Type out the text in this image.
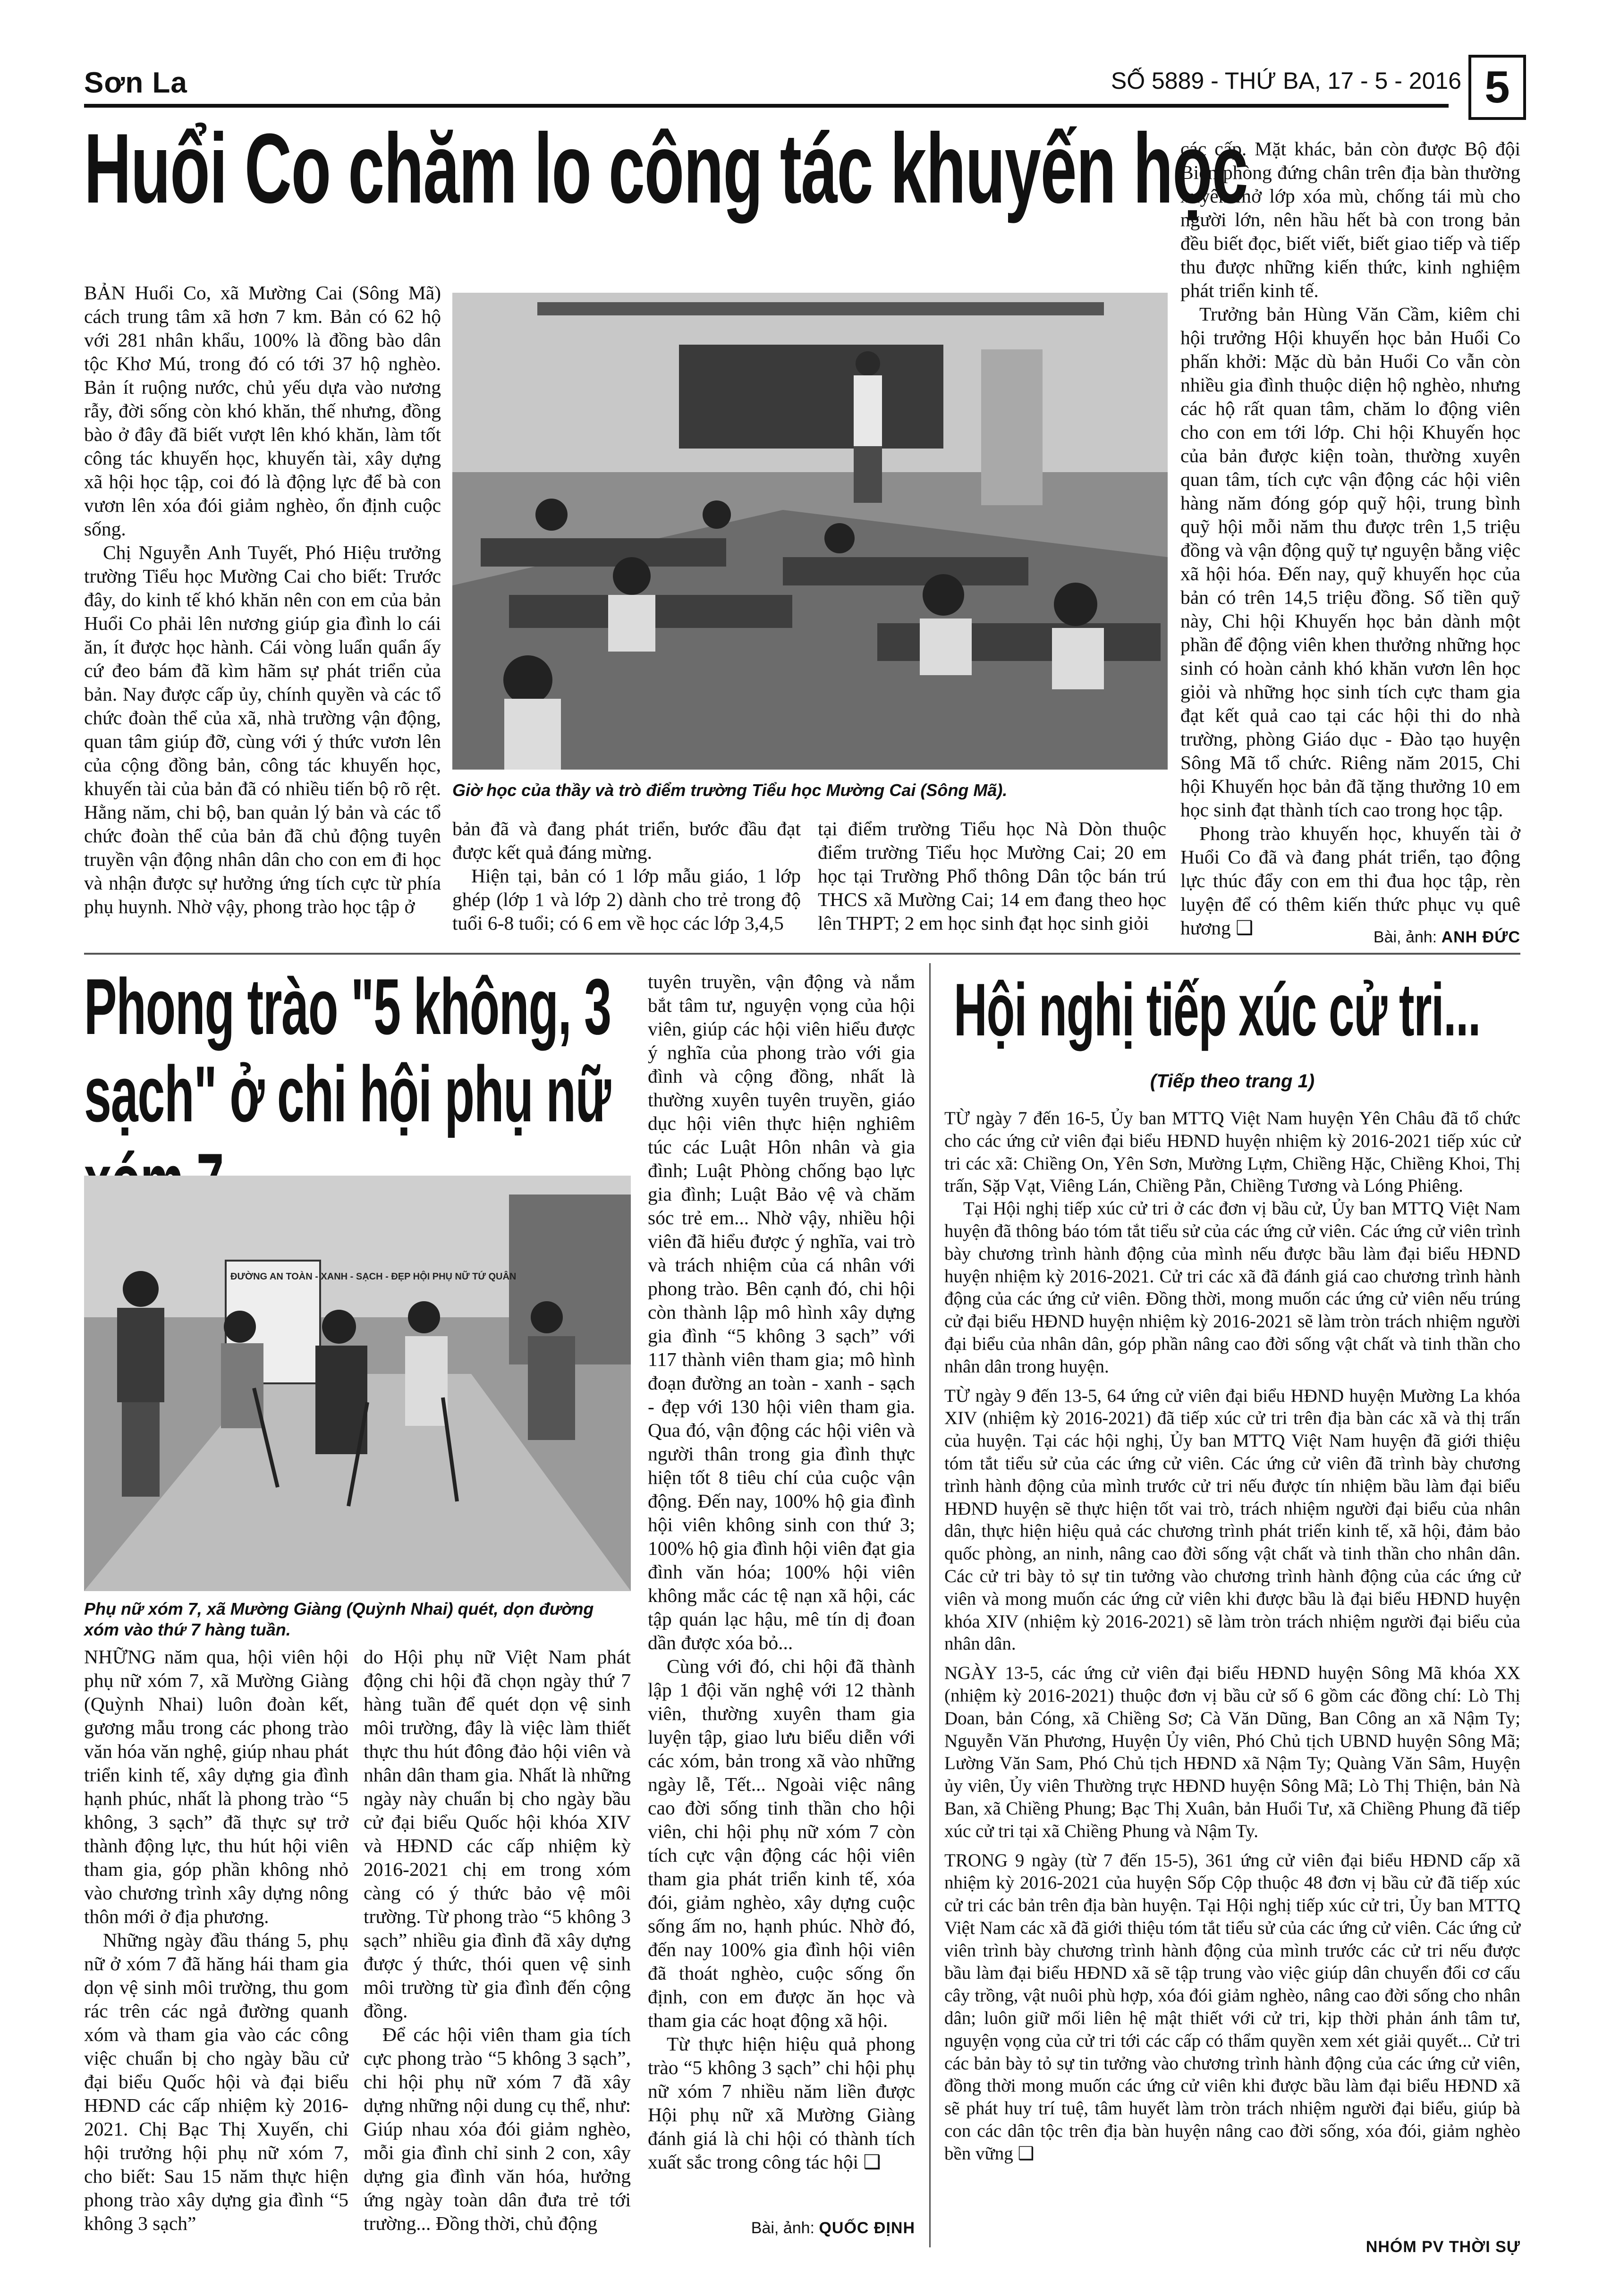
Sơn La	SỐ 5889 - THỨ BA, 17 - 5 - 2016 5
Huổi Co chăm lo công tác khuyến học
Giờ học của thầy và trò điểm trường Tiểu học Mường Cai (Sông Mã).

BẢN Huổi Co, xã Mường Cai (Sông Mã) cách trung tâm xã hơn 7 km. Bản có 62 hộ với 281 nhân khẩu, 100% là đồng bào dân tộc Khơ Mú, trong đó có tới 37 hộ nghèo. Bản ít ruộng nước, chủ yếu dựa vào nương rẫy, đời sống còn khó khăn, thế nhưng, đồng bào ở đây đã biết vượt lên khó khăn, làm tốt công tác khuyến học, khuyến tài, xây dựng xã hội học tập, coi đó là động lực để bà con vươn lên xóa đói giảm nghèo, ổn định cuộc sống.

Chị Nguyễn Anh Tuyết, Phó Hiệu trưởng trường Tiểu học Mường Cai cho biết: Trước đây, do kinh tế khó khăn nên con em của bản Huổi Co phải lên nương giúp gia đình lo cái ăn, ít được học hành. Cái vòng luẩn quẩn ấy cứ đeo bám đã kìm hãm sự phát triển của bản. Nay được cấp ủy, chính quyền và các tổ chức đoàn thể của xã, nhà trường vận động, quan tâm giúp đỡ, cùng với ý thức vươn lên của cộng đồng bản, công tác khuyến học, khuyến tài của bản đã có nhiều tiến bộ rõ rệt. Hằng năm, chi bộ, ban quản lý bản và các tổ chức đoàn thể của bản đã chủ động tuyên truyền vận động nhân dân cho con em đi học và nhận được sự hưởng ứng tích cực từ phía phụ huynh. Nhờ vậy, phong trào học tập ở

bản đã và đang phát triển, bước đầu đạt được kết quả đáng mừng.

Hiện tại, bản có 1 lớp mẫu giáo, 1 lớp ghép (lớp 1 và lớp 2) dành cho trẻ trong độ tuổi 6-8 tuổi; có 6 em về học các lớp 3,4,5

tại điểm trường Tiểu học Nà Dòn thuộc điểm trường Tiểu học Mường Cai; 20 em học tại Trường Phổ thông Dân tộc bán trú THCS xã Mường Cai; 14 em đang theo học lên THPT; 2 em học sinh đạt học sinh giỏi

các cấp. Mặt khác, bản còn được Bộ đội Biên phòng đứng chân trên địa bàn thường xuyên mở lớp xóa mù, chống tái mù cho người lớn, nên hầu hết bà con trong bản đều biết đọc, biết viết, biết giao tiếp và tiếp thu được những kiến thức, kinh nghiệm phát triển kinh tế.

Trưởng bản Hùng Văn Cầm, kiêm chi hội trưởng Hội khuyến học bản Huổi Co phấn khởi: Mặc dù bản Huổi Co vẫn còn nhiều gia đình thuộc diện hộ nghèo, nhưng các hộ rất quan tâm, chăm lo động viên cho con em tới lớp. Chi hội Khuyến học của bản được kiện toàn, thường xuyên quan tâm, tích cực vận động các hội viên hàng năm đóng góp quỹ hội, trung bình quỹ hội mỗi năm thu được trên 1,5 triệu đồng và vận động quỹ tự nguyện bằng việc xã hội hóa. Đến nay, quỹ khuyến học của bản có trên 14,5 triệu đồng. Số tiền quỹ này, Chi hội Khuyến học bản dành một phần để động viên khen thưởng những học sinh có hoàn cảnh khó khăn vươn lên học giỏi và những học sinh tích cực tham gia đạt kết quả cao tại các hội thi do nhà trường, phòng Giáo dục - Đào tạo huyện Sông Mã tổ chức. Riêng năm 2015, Chi hội Khuyến học bản đã tặng thưởng 10 em học sinh đạt thành tích cao trong học tập.

Phong trào khuyến học, khuyến tài ở Huổi Co đã và đang phát triển, tạo động lực thúc đẩy con em thi đua học tập, rèn luyện để có thêm kiến thức phục vụ quê hương ❑	Bài, ảnh: ANH ĐỨC
Phong trào "5 không, 3 sạch" ở chi hội phụ nữ
ĐƯỜNG AN TOÀN - XANH - SẠCH - ĐẸP HỘI PHỤ NỮ TỨ QUÂN
Phụ nữ xóm 7, xã Mường Giàng (Quỳnh Nhai) quét, dọn đường xóm vào thứ 7 hàng tuần.

NHỮNG năm qua, hội viên hội phụ nữ xóm 7, xã Mường Giàng (Quỳnh Nhai) luôn đoàn kết, gương mẫu trong các phong trào văn hóa văn nghệ, giúp nhau phát triển kinh tế, xây dựng gia đình hạnh phúc, nhất là phong trào “5 không, 3 sạch” đã thực sự trở thành động lực, thu hút hội viên tham gia, góp phần không nhỏ vào chương trình xây dựng nông thôn mới ở địa phương.

Những ngày đầu tháng 5, phụ nữ ở xóm 7 đã hăng hái tham gia dọn vệ sinh môi trường, thu gom rác trên các ngả đường quanh xóm và tham gia vào các công việc chuẩn bị cho ngày bầu cử đại biểu Quốc hội và đại biểu HĐND các cấp nhiệm kỳ 2016-2021. Chị Bạc Thị Xuyến, chi hội trưởng hội phụ nữ xóm 7, cho biết: Sau 15 năm thực hiện phong trào xây dựng gia đình “5 không 3 sạch”

do Hội phụ nữ Việt Nam phát động chi hội đã chọn ngày thứ 7 hàng tuần để quét dọn vệ sinh môi trường, đây là việc làm thiết thực thu hút đông đảo hội viên và nhân dân tham gia. Nhất là những ngày này chuẩn bị cho ngày bầu cử đại biểu Quốc hội khóa XIV và HĐND các cấp nhiệm kỳ 2016-2021 chị em trong xóm càng có ý thức bảo vệ môi trường. Từ phong trào “5 không 3 sạch” nhiều gia đình đã xây dựng được ý thức, thói quen vệ sinh môi trường từ gia đình đến cộng đồng.

Để các hội viên tham gia tích cực phong trào “5 không 3 sạch”, chi hội phụ nữ xóm 7 đã xây dựng những nội dung cụ thể, như: Giúp nhau xóa đói giảm nghèo, mỗi gia đình chỉ sinh 2 con, xây dựng gia đình văn hóa, hưởng ứng ngày toàn dân đưa trẻ tới trường... Đồng thời, chủ động

tuyên truyền, vận động và nắm bắt tâm tư, nguyện vọng của hội viên, giúp các hội viên hiểu được ý nghĩa của phong trào với gia đình và cộng đồng, nhất là thường xuyên tuyên truyền, giáo dục hội viên thực hiện nghiêm túc các Luật Hôn nhân và gia đình; Luật Phòng chống bạo lực gia đình; Luật Bảo vệ và chăm sóc trẻ em... Nhờ vậy, nhiều hội viên đã hiểu được ý nghĩa, vai trò và trách nhiệm của cá nhân với phong trào. Bên cạnh đó, chi hội còn thành lập mô hình xây dựng gia đình “5 không 3 sạch” với 117 thành viên tham gia; mô hình đoạn đường an toàn - xanh - sạch - đẹp với 130 hội viên tham gia. Qua đó, vận động các hội viên và người thân trong gia đình thực hiện tốt 8 tiêu chí của cuộc vận động. Đến nay, 100% hộ gia đình hội viên không sinh con thứ 3; 100% hộ gia đình hội viên đạt gia đình văn hóa; 100% hội viên không mắc các tệ nạn xã hội, các tập quán lạc hậu, mê tín dị đoan dần được xóa bỏ...

Cùng với đó, chi hội đã thành lập 1 đội văn nghệ với 12 thành viên, thường xuyên tham gia luyện tập, giao lưu biểu diễn với các xóm, bản trong xã vào những ngày lễ, Tết... Ngoài việc nâng cao đời sống tinh thần cho hội viên, chi hội phụ nữ xóm 7 còn tích cực vận động các hội viên tham gia phát triển kinh tế, xóa đói, giảm nghèo, xây dựng cuộc sống ấm no, hạnh phúc. Nhờ đó, đến nay 100% gia đình hội viên đã thoát nghèo, cuộc sống ổn định, con em được ăn học và tham gia các hoạt động xã hội.

Từ thực hiện hiệu quả phong trào “5 không 3 sạch” chi hội phụ nữ xóm 7 nhiều năm liền được Hội phụ nữ xã Mường Giàng đánh giá là chi hội có thành tích xuất sắc trong công tác hội ❑

Bài, ảnh: QUỐC ĐỊNH
Hội nghị tiếp xúc cử tri...
(Tiếp theo trang 1)

TỪ ngày 7 đến 16-5, Ủy ban MTTQ Việt Nam huyện Yên Châu đã tổ chức cho các ứng cử viên đại biểu HĐND huyện nhiệm kỳ 2016-2021 tiếp xúc cử tri các xã: Chiềng On, Yên Sơn, Mường Lựm, Chiềng Hặc, Chiềng Khoi, Thị trấn, Sặp Vạt, Viêng Lán, Chiềng Pằn, Chiềng Tương và Lóng Phiêng.

Tại Hội nghị tiếp xúc cử tri ở các đơn vị bầu cử, Ủy ban MTTQ Việt Nam huyện đã thông báo tóm tắt tiểu sử của các ứng cử viên. Các ứng cử viên trình bày chương trình hành động của mình nếu được bầu làm đại biểu HĐND huyện nhiệm kỳ 2016-2021. Cử tri các xã đã đánh giá cao chương trình hành động của các ứng cử viên. Đồng thời, mong muốn các ứng cử viên nếu trúng cử đại biểu HĐND huyện nhiệm kỳ 2016-2021 sẽ làm tròn trách nhiệm người đại biểu của nhân dân, góp phần nâng cao đời sống vật chất và tinh thần cho nhân dân trong huyện.

TỪ ngày 9 đến 13-5, 64 ứng cử viên đại biểu HĐND huyện Mường La khóa XIV (nhiệm kỳ 2016-2021) đã tiếp xúc cử tri trên địa bàn các xã và thị trấn của huyện. Tại các hội nghị, Ủy ban MTTQ Việt Nam huyện đã giới thiệu tóm tắt tiểu sử của các ứng cử viên. Các ứng cử viên đã trình bày chương trình hành động của mình trước cử tri nếu được tín nhiệm bầu làm đại biểu HĐND huyện sẽ thực hiện tốt vai trò, trách nhiệm người đại biểu của nhân dân, thực hiện hiệu quả các chương trình phát triển kinh tế, xã hội, đảm bảo quốc phòng, an ninh, nâng cao đời sống vật chất và tinh thần cho nhân dân. Các cử tri bày tỏ sự tin tưởng vào chương trình hành động của các ứng cử viên và mong muốn các ứng cử viên khi được bầu là đại biểu HĐND huyện khóa XIV (nhiệm kỳ 2016-2021) sẽ làm tròn trách nhiệm người đại biểu của nhân dân.

NGÀY 13-5, các ứng cử viên đại biểu HĐND huyện Sông Mã khóa XX (nhiệm kỳ 2016-2021) thuộc đơn vị bầu cử số 6 gồm các đồng chí: Lò Thị Doan, bản Cóng, xã Chiềng Sơ; Cà Văn Dũng, Ban Công an xã Nậm Ty; Nguyễn Văn Phương, Huyện Ủy viên, Phó Chủ tịch UBND huyện Sông Mã; Lường Văn Sam, Phó Chủ tịch HĐND xã Nậm Ty; Quàng Văn Sâm, Huyện ủy viên, Ủy viên Thường trực HĐND huyện Sông Mã; Lò Thị Thiện, bản Nà Ban, xã Chiềng Phung; Bạc Thị Xuân, bản Huổi Tư, xã Chiềng Phung đã tiếp xúc cử tri tại xã Chiềng Phung và Nậm Ty.

TRONG 9 ngày (từ 7 đến 15-5), 361 ứng cử viên đại biểu HĐND cấp xã nhiệm kỳ 2016-2021 của huyện Sốp Cộp thuộc 48 đơn vị bầu cử đã tiếp xúc cử tri các bản trên địa bàn huyện. Tại Hội nghị tiếp xúc cử tri, Ủy ban MTTQ Việt Nam các xã đã giới thiệu tóm tắt tiểu sử của các ứng cử viên. Các ứng cử viên trình bày chương trình hành động của mình trước các cử tri nếu được bầu làm đại biểu HĐND xã sẽ tập trung vào việc giúp dân chuyển đổi cơ cấu cây trồng, vật nuôi phù hợp, xóa đói giảm nghèo, nâng cao đời sống cho nhân dân; luôn giữ mối liên hệ mật thiết với cử tri, kịp thời phản ánh tâm tư, nguyện vọng của cử tri tới các cấp có thẩm quyền xem xét giải quyết... Cử tri các bản bày tỏ sự tin tưởng vào chương trình hành động của các ứng cử viên, đồng thời mong muốn các ứng cử viên khi được bầu làm đại biểu HĐND xã sẽ phát huy trí tuệ, tâm huyết làm tròn trách nhiệm người đại biểu, giúp bà con các dân tộc trên địa bàn huyện nâng cao đời sống, xóa đói, giảm nghèo bền vững ❑

NHÓM PV THỜI SỰ
